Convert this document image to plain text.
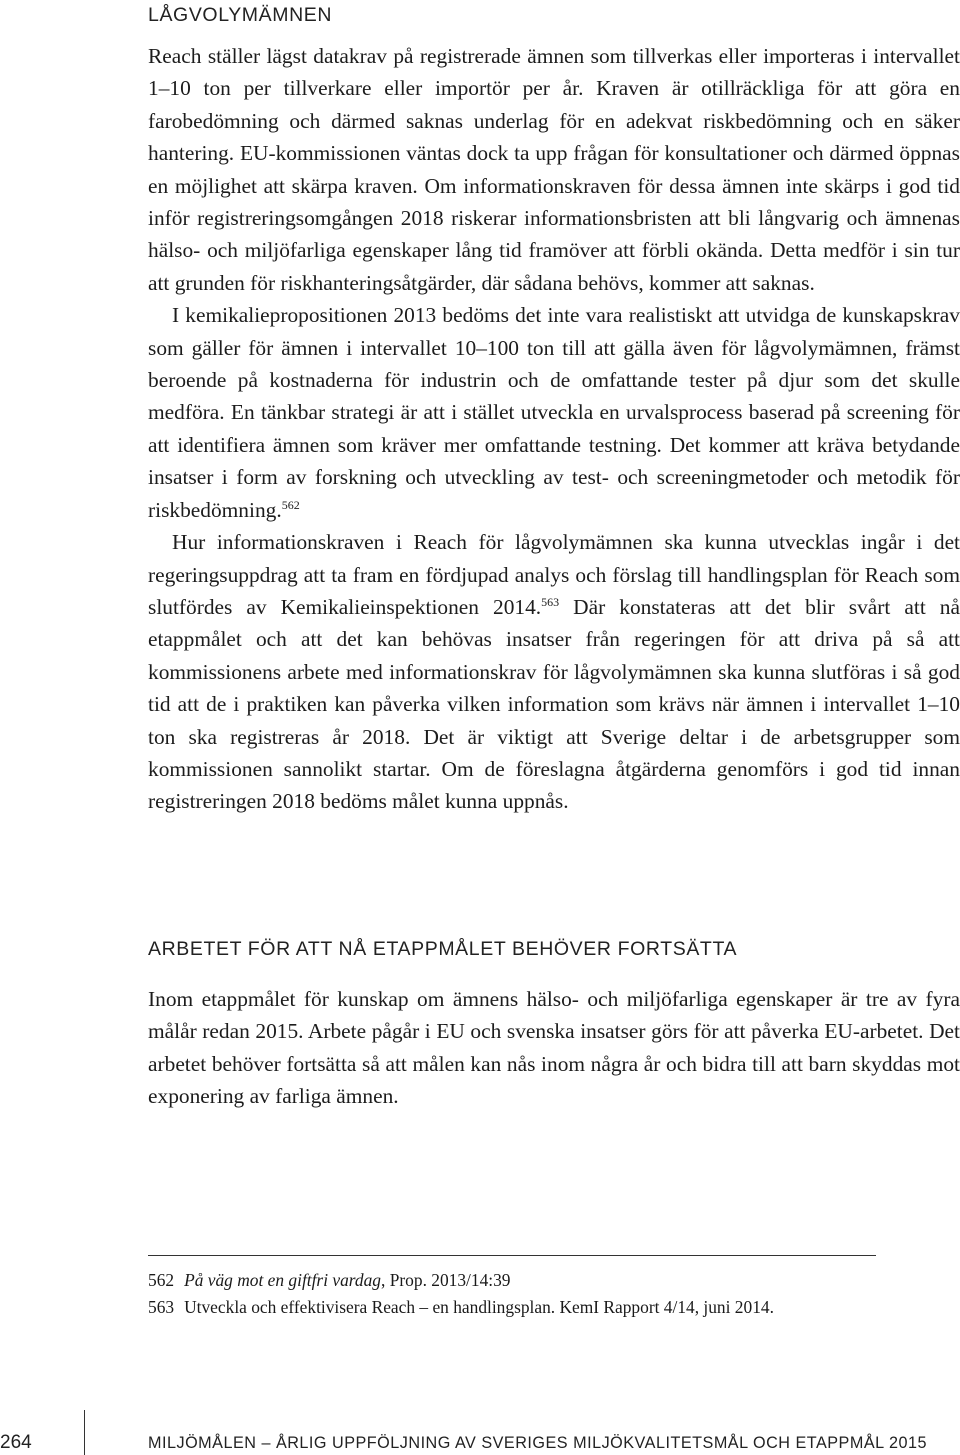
LÅGVOLYMÄMNEN

Reach ställer lägst datakrav på registrerade ämnen som tillverkas eller importeras i intervallet 1–10 ton per tillverkare eller importör per år. Kraven är otillräckliga för att göra en farobedömning och därmed saknas underlag för en adekvat riskbedömning och en säker hantering. EU-kommissionen väntas dock ta upp frågan för konsultationer och därmed öppnas en möjlighet att skärpa kraven. Om informationskraven för dessa ämnen inte skärps i god tid inför registreringsomgången 2018 riskerar informationsbristen att bli långvarig och ämnenas hälso- och miljöfarliga egenskaper lång tid framöver att förbli okända. Detta medför i sin tur att grunden för riskhanteringsåtgärder, där sådana behövs, kommer att saknas.

I kemikaliepropositionen 2013 bedöms det inte vara realistiskt att utvidga de kunskapskrav som gäller för ämnen i intervallet 10–100 ton till att gälla även för lågvolymämnen, främst beroende på kostnaderna för industrin och de omfattande tester på djur som det skulle medföra. En tänkbar strategi är att i stället utveckla en urvalsprocess baserad på screening för att identifiera ämnen som kräver mer omfattande testning. Det kommer att kräva betydande insatser i form av forskning och utveckling av test- och screeningmetoder och metodik för riskbedömning.$^{562}$

Hur informationskraven i Reach för lågvolymämnen ska kunna utvecklas ingår i det regeringsuppdrag att ta fram en fördjupad analys och förslag till handlingsplan för Reach som slutfördes av Kemikalieinspektionen 2014.$^{563}$ Där konstateras att det blir svårt att nå etappmålet och att det kan behövas insatser från regeringen för att driva på så att kommissionens arbete med informationskrav för lågvolymämnen ska kunna slutföras i så god tid att de i praktiken kan påverka vilken information som krävs när ämnen i intervallet 1–10 ton ska registreras år 2018. Det är viktigt att Sverige deltar i de arbetsgrupper som kommissionen sannolikt startar. Om de föreslagna åtgärderna genomförs i god tid innan registreringen 2018 bedöms målet kunna uppnås.

ARBETET FÖR ATT NÅ ETAPPMÅLET BEHÖVER FORTSÄTTA

Inom etappmålet för kunskap om ämnens hälso- och miljöfarliga egenskaper är tre av fyra målår redan 2015. Arbete pågår i EU och svenska insatser görs för att påverka EU-arbetet. Det arbetet behöver fortsätta så att målen kan nås inom några år och bidra till att barn skyddas mot exponering av farliga ämnen.

562 På väg mot en giftfri vardag, Prop. 2013/14:39

563 Utveckla och effektivisera Reach – en handlingsplan. KemI Rapport 4/14, juni 2014.

264	MILJÖMÅLEN – ÅRLIG UPPFÖLJNING AV SVERIGES MILJÖKVALITETSMÅL OCH ETAPPMÅL 2015
